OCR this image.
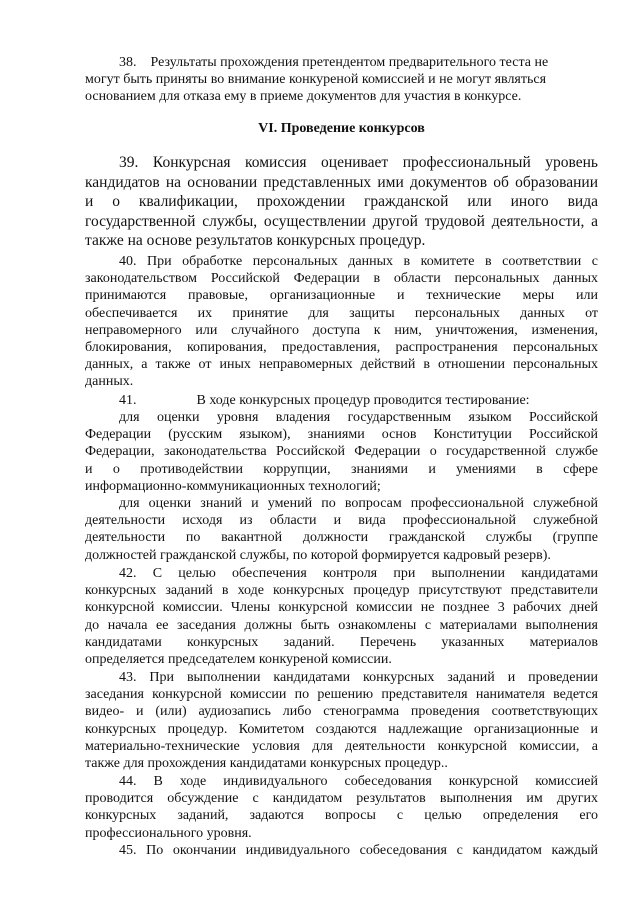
38. Результаты прохождения претендентом предварительного теста не
могут быть приняты во внимание конкуреной комиссией и не могут являться
основанием для отказа ему в приеме документов для участия в конкурсе.
VI. Проведение конкурсов
39. Конкурсная комиссия оценивает профессиональный уровень
кандидатов на основании представленных ими документов об образовании
и о квалификации, прохождении гражданской или иного вида
государственной службы, осуществлении другой трудовой деятельности, а
также на основе результатов конкурсных процедур.
40. При обработке персональных данных в комитете в соответствии с
законодательством Российской Федерации в области персональных данных
принимаются правовые, организационные и технические меры или
обеспечивается их принятие для защиты персональных данных от
неправомерного или случайного доступа к ним, уничтожения, изменения,
блокирования, копирования, предоставления, распространения персональных
данных, а также от иных неправомерных действий в отношении персональных
данных.
41.	В ходе конкурсных процедур проводится тестирование:
для оценки уровня владения государственным языком Российской
Федерации (русским языком), знаниями основ Конституции Российской
Федерации, законодательства Российской Федерации о государственной службе
и о противодействии коррупции, знаниями и умениями в сфере
информационно-коммуникационных технологий;
для оценки знаний и умений по вопросам профессиональной служебной
деятельности исходя из области и вида профессиональной служебной
деятельности по вакантной должности гражданской службы (группе
должностей гражданской службы, по которой формируется кадровый резерв).
42. С целью обеспечения контроля при выполнении кандидатами
конкурсных заданий в ходе конкурсных процедур присутствуют представители
конкурсной комиссии. Члены конкурсной комиссии не позднее 3 рабочих дней
до начала ее заседания должны быть ознакомлены с материалами выполнения
кандидатами конкурсных заданий. Перечень указанных материалов
определяется председателем конкуреной комиссии.
43. При выполнении кандидатами конкурсных заданий и проведении
заседания конкурсной комиссии по решению представителя нанимателя ведется
видео- и (или) аудиозапись либо стенограмма проведения соответствующих
конкурсных процедур. Комитетом создаются надлежащие организационные и
материально-технические условия для деятельности конкурсной комиссии, а
также для прохождения кандидатами конкурсных процедур..
44. В ходе индивидуального собеседования конкурсной комиссией
проводится обсуждение с кандидатом результатов выполнения им других
конкурсных заданий, задаются вопросы с целью определения его
профессионального уровня.
45. По окончании индивидуального собеседования с кандидатом каждый
